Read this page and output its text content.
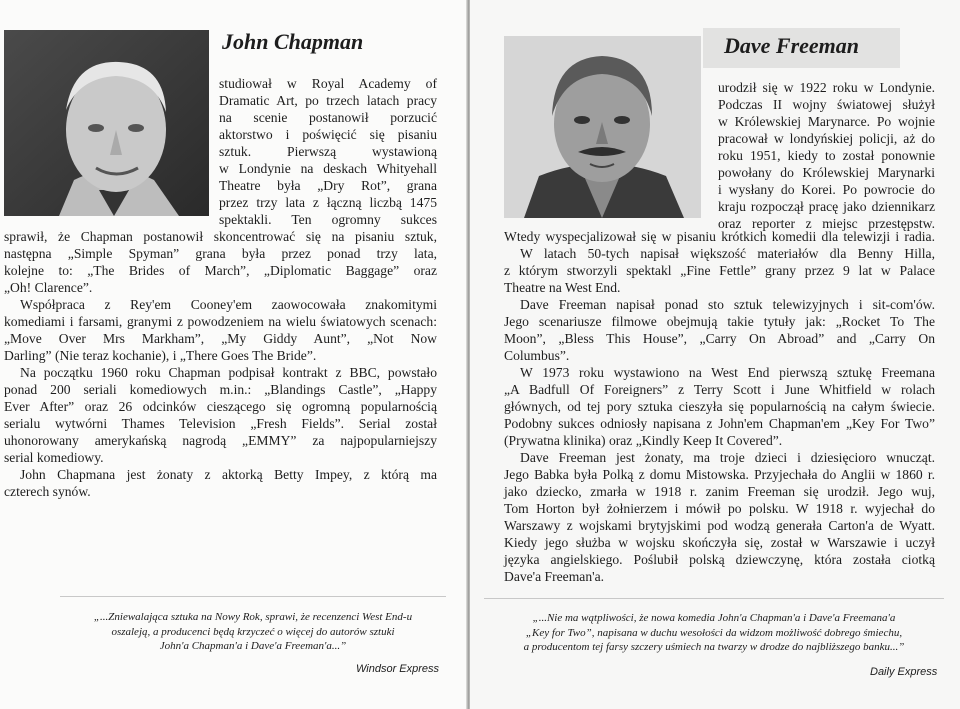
John Chapman
studiował w Royal Academy of
Dramatic Art, po trzech latach pracy
na scenie postanowił porzucić
aktorstwo i poświęcić się pisaniu
sztuk. Pierwszą wystawioną
w Londynie na deskach Whityehall
Theatre była „Dry Rot”, grana
przez trzy lata z łączną liczbą 1475
spektakli. Ten ogromny sukces
sprawił, że Chapman postanowił skoncentrować się na pisaniu sztuk,
następna „Simple Spyman” grana była przez ponad trzy lata,
kolejne to: „The Brides of March”, „Diplomatic Baggage” oraz
„Oh! Clarence”.
Współpraca z Rey'em Cooney'em zaowocowała znakomitymi
komediami i farsami, granymi z powodzeniem na wielu światowych scenach:
„Move Over Mrs Markham”, „My Giddy Aunt”, „Not Now
Darling” (Nie teraz kochanie), i „There Goes The Bride”.
Na początku 1960 roku Chapman podpisał kontrakt z BBC, powstało
ponad 200 seriali komediowych m.in.: „Blandings Castle”, „Happy
Ever After” oraz 26 odcinków cieszącego się ogromną popularnością
serialu wytwórni Thames Television „Fresh Fields”. Serial został
uhonorowany amerykańską nagrodą „EMMY” za najpopularniejszy
serial komediowy.
John Chapmana jest żonaty z aktorką Betty Impey, z którą ma
czterech synów.
„...Zniewalająca sztuka na Nowy Rok, sprawi, że recenzenci West End-u
oszaleją, a producenci będą krzyczeć o więcej do autorów sztuki
John'a Chapman'a i Dave'a Freeman'a...”

Windsor Express

Dave Freeman
urodził się w 1922 roku w Londynie.
Podczas II wojny światowej służył
w Królewskiej Marynarce. Po wojnie
pracował w londyńskiej policji, aż do
roku 1951, kiedy to został ponownie
powołany do Królewskiej Marynarki
i wysłany do Korei. Po powrocie do
kraju rozpoczął pracę jako dziennikarz
oraz reporter z miejsc przestępstw.
Wtedy wyspecjalizował się w pisaniu krótkich komedii dla telewizji i radia.
W latach 50-tych napisał większość materiałów dla Benny Hilla,
z którym stworzyli spektakl „Fine Fettle” grany przez 9 lat w Palace
Theatre na West End.
Dave Freeman napisał ponad sto sztuk telewizyjnych i sit-com'ów.
Jego scenariusze filmowe obejmują takie tytuły jak: „Rocket To The
Moon”, „Bless This House”, „Carry On Abroad” and „Carry On
Columbus”.
W 1973 roku wystawiono na West End pierwszą sztukę Freemana
„A Badfull Of Foreigners” z Terry Scott i June Whitfield w rolach
głównych, od tej pory sztuka cieszyła się popularnością na całym świecie.
Podobny sukces odniosły napisana z John'em Chapman'em „Key For Two”
(Prywatna klinika) oraz „Kindly Keep It Covered”.
Dave Freeman jest żonaty, ma troje dzieci i dziesięcioro wnucząt.
Jego Babka była Polką z domu Mistowska. Przyjechała do Anglii w 1860 r.
jako dziecko, zmarła w 1918 r. zanim Freeman się urodził. Jego wuj,
Tom Horton był żołnierzem i mówił po polsku. W 1918 r. wyjechał do
Warszawy z wojskami brytyjskimi pod wodzą generała Carton'a de Wyatt.
Kiedy jego służba w wojsku skończyła się, został w Warszawie i uczył
języka angielskiego. Poślubił polską dziewczynę, która została ciotką
Dave'a Freeman'a.
„...Nie ma wątpliwości, że nowa komedia John'a Chapman'a i Dave'a Freemana'a
„Key for Two”, napisana w duchu wesołości da widzom możliwość dobrego śmiechu,
a producentom tej farsy szczery uśmiech na twarzy w drodze do najbliższego banku...”

Daily Express
